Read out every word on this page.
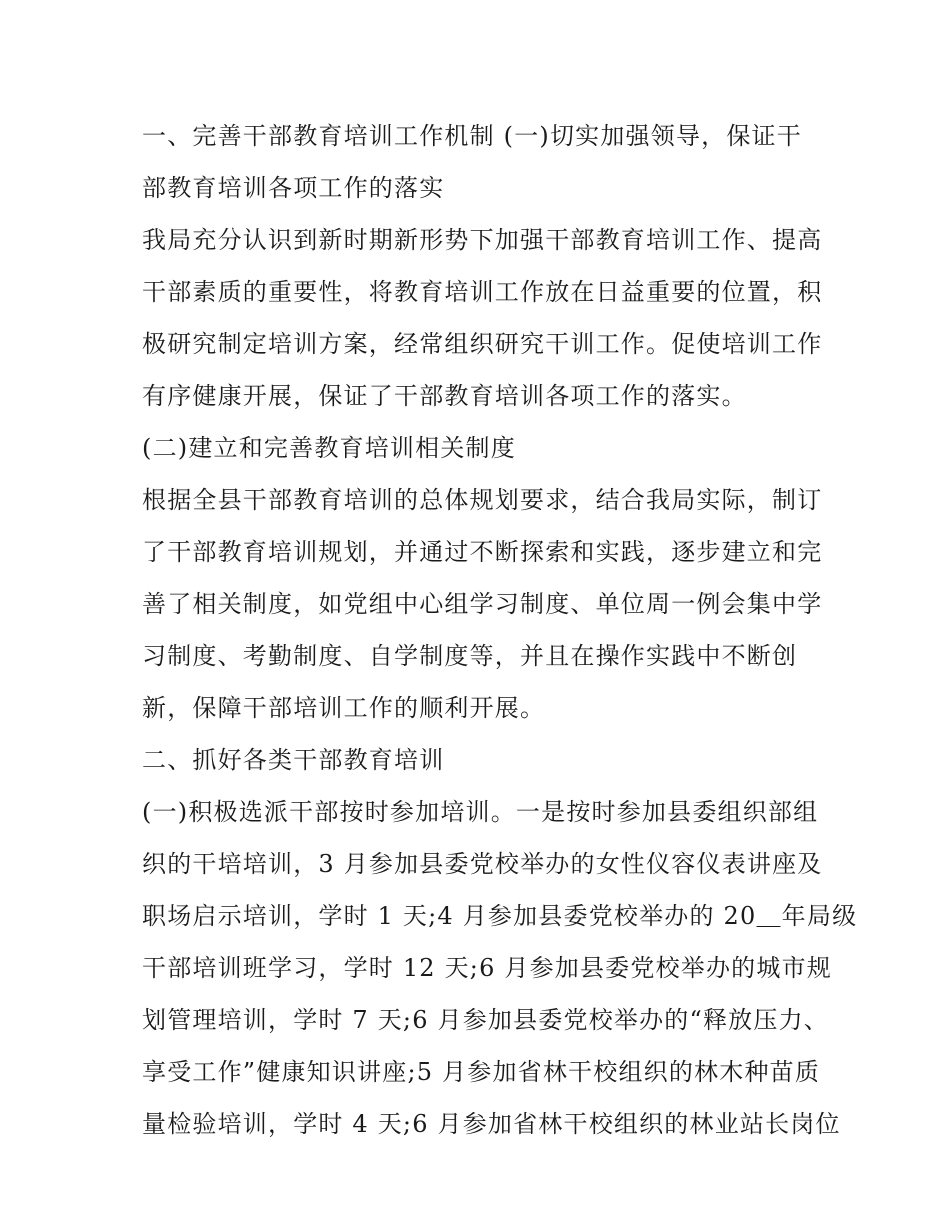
一、完善干部教育培训工作机制 (一)切实加强领导，保证干
部教育培训各项工作的落实
我局充分认识到新时期新形势下加强干部教育培训工作、提高
干部素质的重要性，将教育培训工作放在日益重要的位置，积
极研究制定培训方案，经常组织研究干训工作。促使培训工作
有序健康开展，保证了干部教育培训各项工作的落实。
(二)建立和完善教育培训相关制度
根据全县干部教育培训的总体规划要求，结合我局实际，制订
了干部教育培训规划，并通过不断探索和实践，逐步建立和完
善了相关制度，如党组中心组学习制度、单位周一例会集中学
习制度、考勤制度、自学制度等，并且在操作实践中不断创
新，保障干部培训工作的顺利开展。
二、抓好各类干部教育培训
(一)积极选派干部按时参加培训。一是按时参加县委组织部组
织的干培培训，3 月参加县委党校举办的女性仪容仪表讲座及
职场启示培训，学时 1 天;4 月参加县委党校举办的 20＿年局级
干部培训班学习，学时 12 天;6 月参加县委党校举办的城市规
划管理培训，学时 7 天;6 月参加县委党校举办的“释放压力、
享受工作”健康知识讲座;5 月参加省林干校组织的林木种苗质
量检验培训，学时 4 天;6 月参加省林干校组织的林业站长岗位
